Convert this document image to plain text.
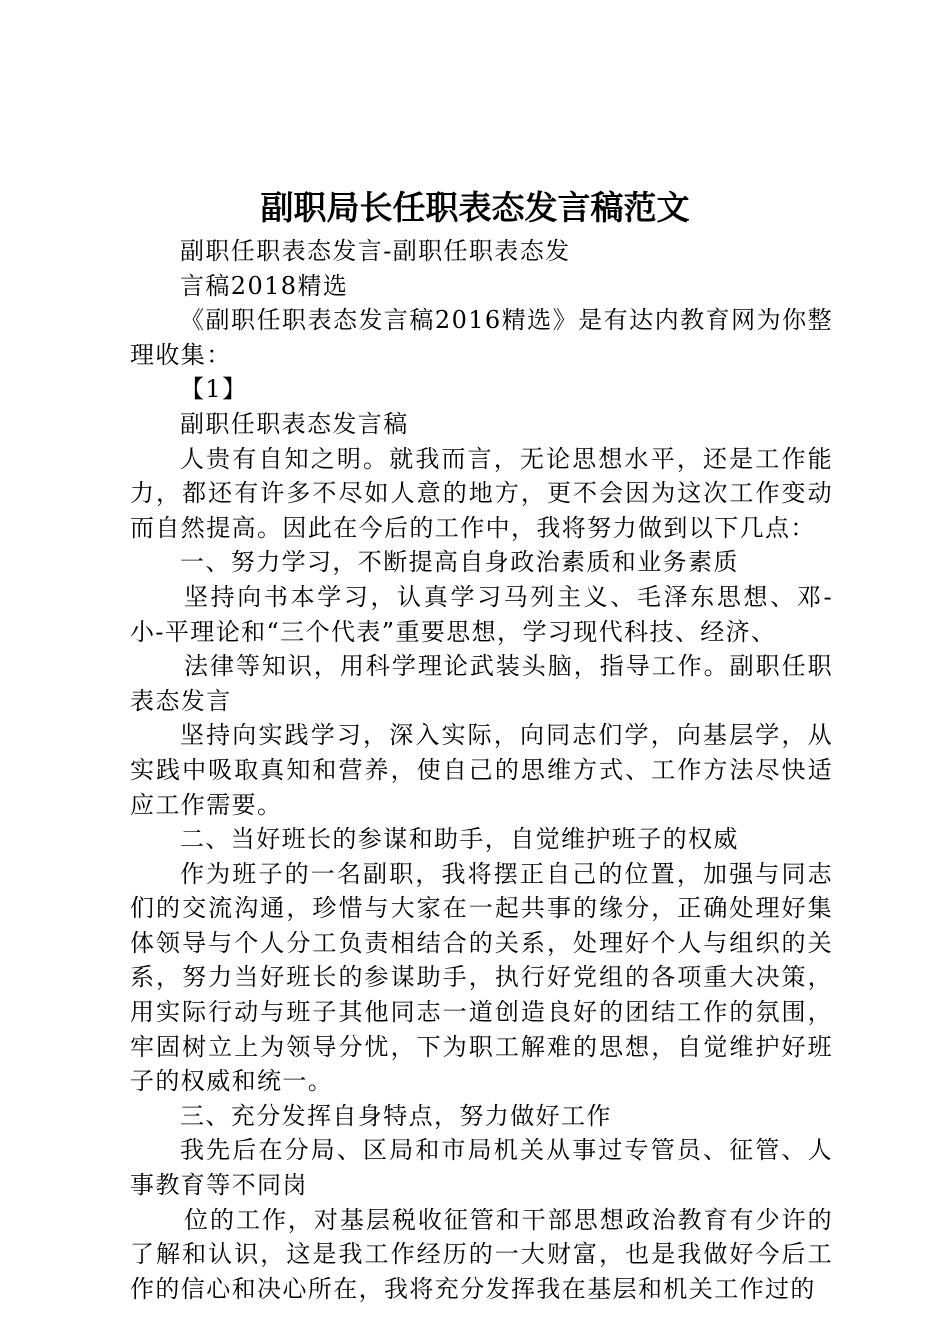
副职局长任职表态发言稿范文

副职任职表态发言-副职任职表态发

言稿2018精选

《副职任职表态发言稿2016精选》是有达内教育网为你整理收集：

【1】

副职任职表态发言稿

人贵有自知之明。就我而言，无论思想水平，还是工作能力，都还有许多不尽如人意的地方，更不会因为这次工作变动而自然提高。因此在今后的工作中，我将努力做到以下几点：

一、努力学习，不断提高自身政治素质和业务素质

坚持向书本学习，认真学习马列主义、毛泽东思想、邓-小-平理论和“三个代表”重要思想，学习现代科技、经济、

法律等知识，用科学理论武装头脑，指导工作。副职任职表态发言

坚持向实践学习，深入实际，向同志们学，向基层学，从实践中吸取真知和营养，使自己的思维方式、工作方法尽快适应工作需要。

二、当好班长的参谋和助手，自觉维护班子的权威

作为班子的一名副职，我将摆正自己的位置，加强与同志们的交流沟通，珍惜与大家在一起共事的缘分，正确处理好集体领导与个人分工负责相结合的关系，处理好个人与组织的关系，努力当好班长的参谋助手，执行好党组的各项重大决策，用实际行动与班子其他同志一道创造良好的团结工作的氛围，牢固树立上为领导分忧，下为职工解难的思想，自觉维护好班子的权威和统一。

三、充分发挥自身特点，努力做好工作

我先后在分局、区局和市局机关从事过专管员、征管、人事教育等不同岗

位的工作，对基层税收征管和干部思想政治教育有少许的了解和认识，这是我工作经历的一大财富，也是我做好今后工作的信心和决心所在，我将充分发挥我在基层和机关工作过的
